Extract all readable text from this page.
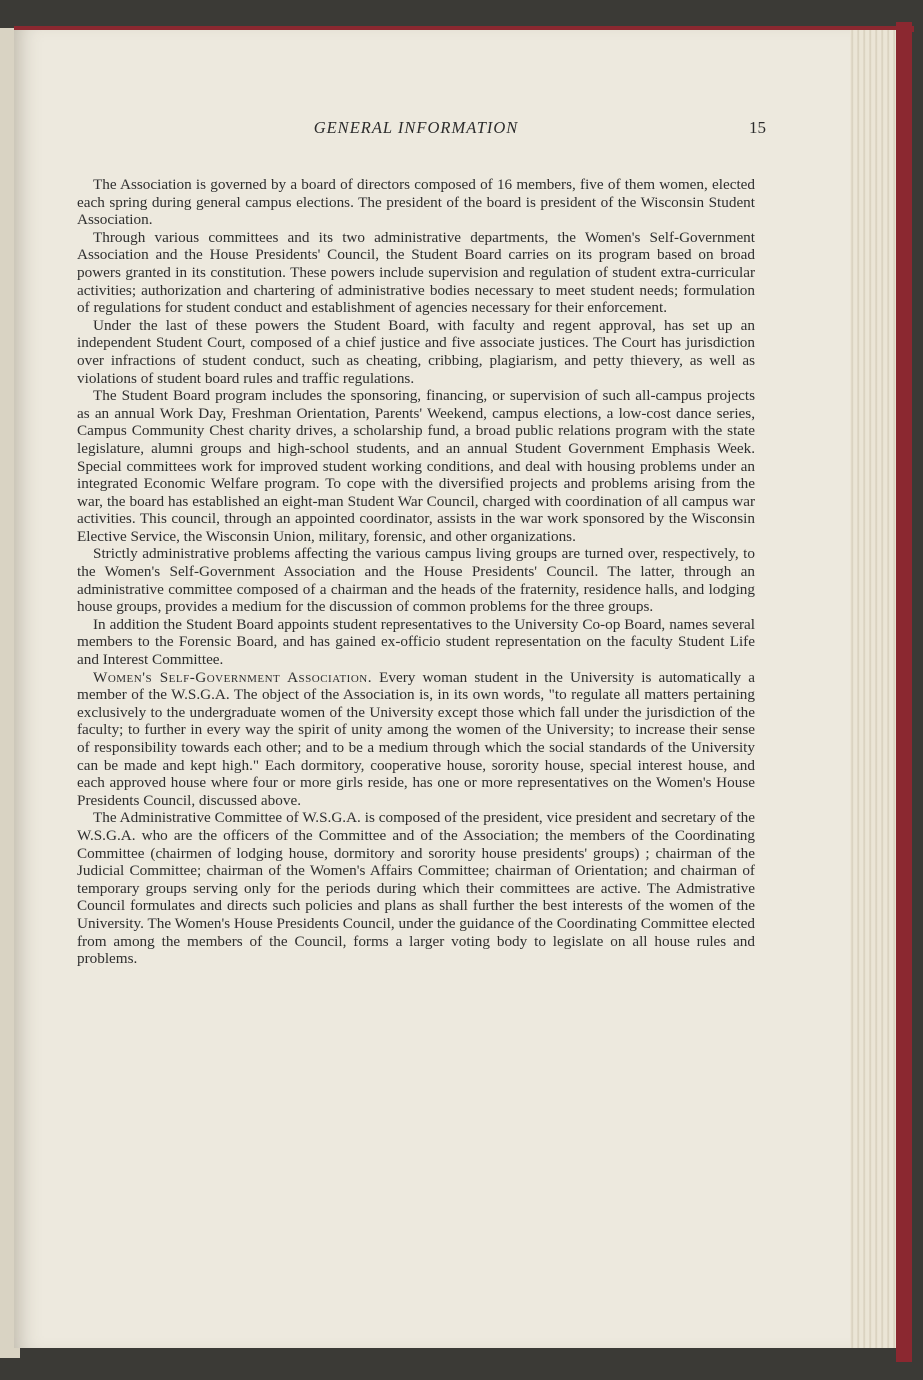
GENERAL INFORMATION	15

The Association is governed by a board of directors composed of 16 members, five of them women, elected each spring during general campus elections. The president of the board is president of the Wisconsin Student Association.

Through various committees and its two administrative departments, the Women's Self-Government Association and the House Presidents' Council, the Student Board carries on its program based on broad powers granted in its constitution. These powers include supervision and regulation of student extra-curricular activities; authorization and chartering of administrative bodies necessary to meet student needs; formulation of regulations for student conduct and establishment of agencies necessary for their enforcement.

Under the last of these powers the Student Board, with faculty and regent approval, has set up an independent Student Court, composed of a chief justice and five associate justices. The Court has jurisdiction over infractions of student conduct, such as cheating, cribbing, plagiarism, and petty thievery, as well as violations of student board rules and traffic regulations.

The Student Board program includes the sponsoring, financing, or supervision of such all-campus projects as an annual Work Day, Freshman Orientation, Parents' Weekend, campus elections, a low-cost dance series, Campus Community Chest charity drives, a scholarship fund, a broad public relations program with the state legislature, alumni groups and high-school students, and an annual Student Government Emphasis Week. Special committees work for improved student working conditions, and deal with housing problems under an integrated Economic Welfare program. To cope with the diversified projects and problems arising from the war, the board has established an eight-man Student War Council, charged with coordination of all campus war activities. This council, through an appointed coordinator, assists in the war work sponsored by the Wisconsin Elective Service, the Wisconsin Union, military, forensic, and other organizations.

Strictly administrative problems affecting the various campus living groups are turned over, respectively, to the Women's Self-Government Association and the House Presidents' Council. The latter, through an administrative committee composed of a chairman and the heads of the fraternity, residence halls, and lodging house groups, provides a medium for the discussion of common problems for the three groups.

In addition the Student Board appoints student representatives to the University Co-op Board, names several members to the Forensic Board, and has gained ex-officio student representation on the faculty Student Life and Interest Committee.

Women's Self-Government Association. Every woman student in the University is automatically a member of the W.S.G.A. The object of the Association is, in its own words, "to regulate all matters pertaining exclusively to the undergraduate women of the University except those which fall under the jurisdiction of the faculty; to further in every way the spirit of unity among the women of the University; to increase their sense of responsibility towards each other; and to be a medium through which the social standards of the University can be made and kept high." Each dormitory, cooperative house, sorority house, special interest house, and each approved house where four or more girls reside, has one or more representatives on the Women's House Presidents Council, discussed above.

The Administrative Committee of W.S.G.A. is composed of the president, vice president and secretary of the W.S.G.A. who are the officers of the Committee and of the Association; the members of the Coordinating Committee (chairmen of lodging house, dormitory and sorority house presidents' groups) ; chairman of the Judicial Committee; chairman of the Women's Affairs Committee; chairman of Orientation; and chairman of temporary groups serving only for the periods during which their committees are active. The Admistrative Council formulates and directs such policies and plans as shall further the best interests of the women of the University. The Women's House Presidents Council, under the guidance of the Coordinating Committee elected from among the members of the Council, forms a larger voting body to legislate on all house rules and problems.
